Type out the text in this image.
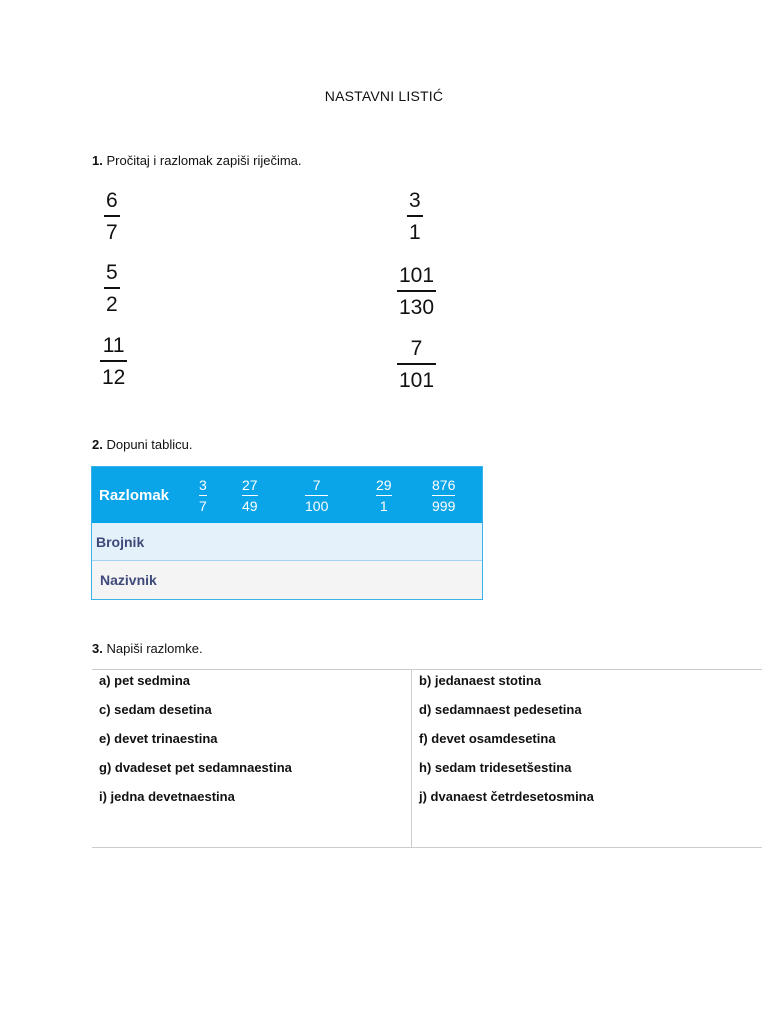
NASTAVNI LISTIĆ
1. Pročitaj i razlomak zapiši riječima.
6
7
3
1
5
2
101
130
11
12
7
101
2. Dopuni tablicu.
Razlomak
3
7
27
49
7
100
29
1
876
999
Brojnik
Nazivnik
3. Napiši razlomke.
a) pet sedmina
c) sedam desetina
e) devet trinaestina
g) dvadeset pet sedamnaestina
i) jedna devetnaestina
b) jedanaest stotina
d) sedamnaest pedesetina
f) devet osamdesetina
h) sedam tridesetšestina
j) dvanaest četrdesetosmina
